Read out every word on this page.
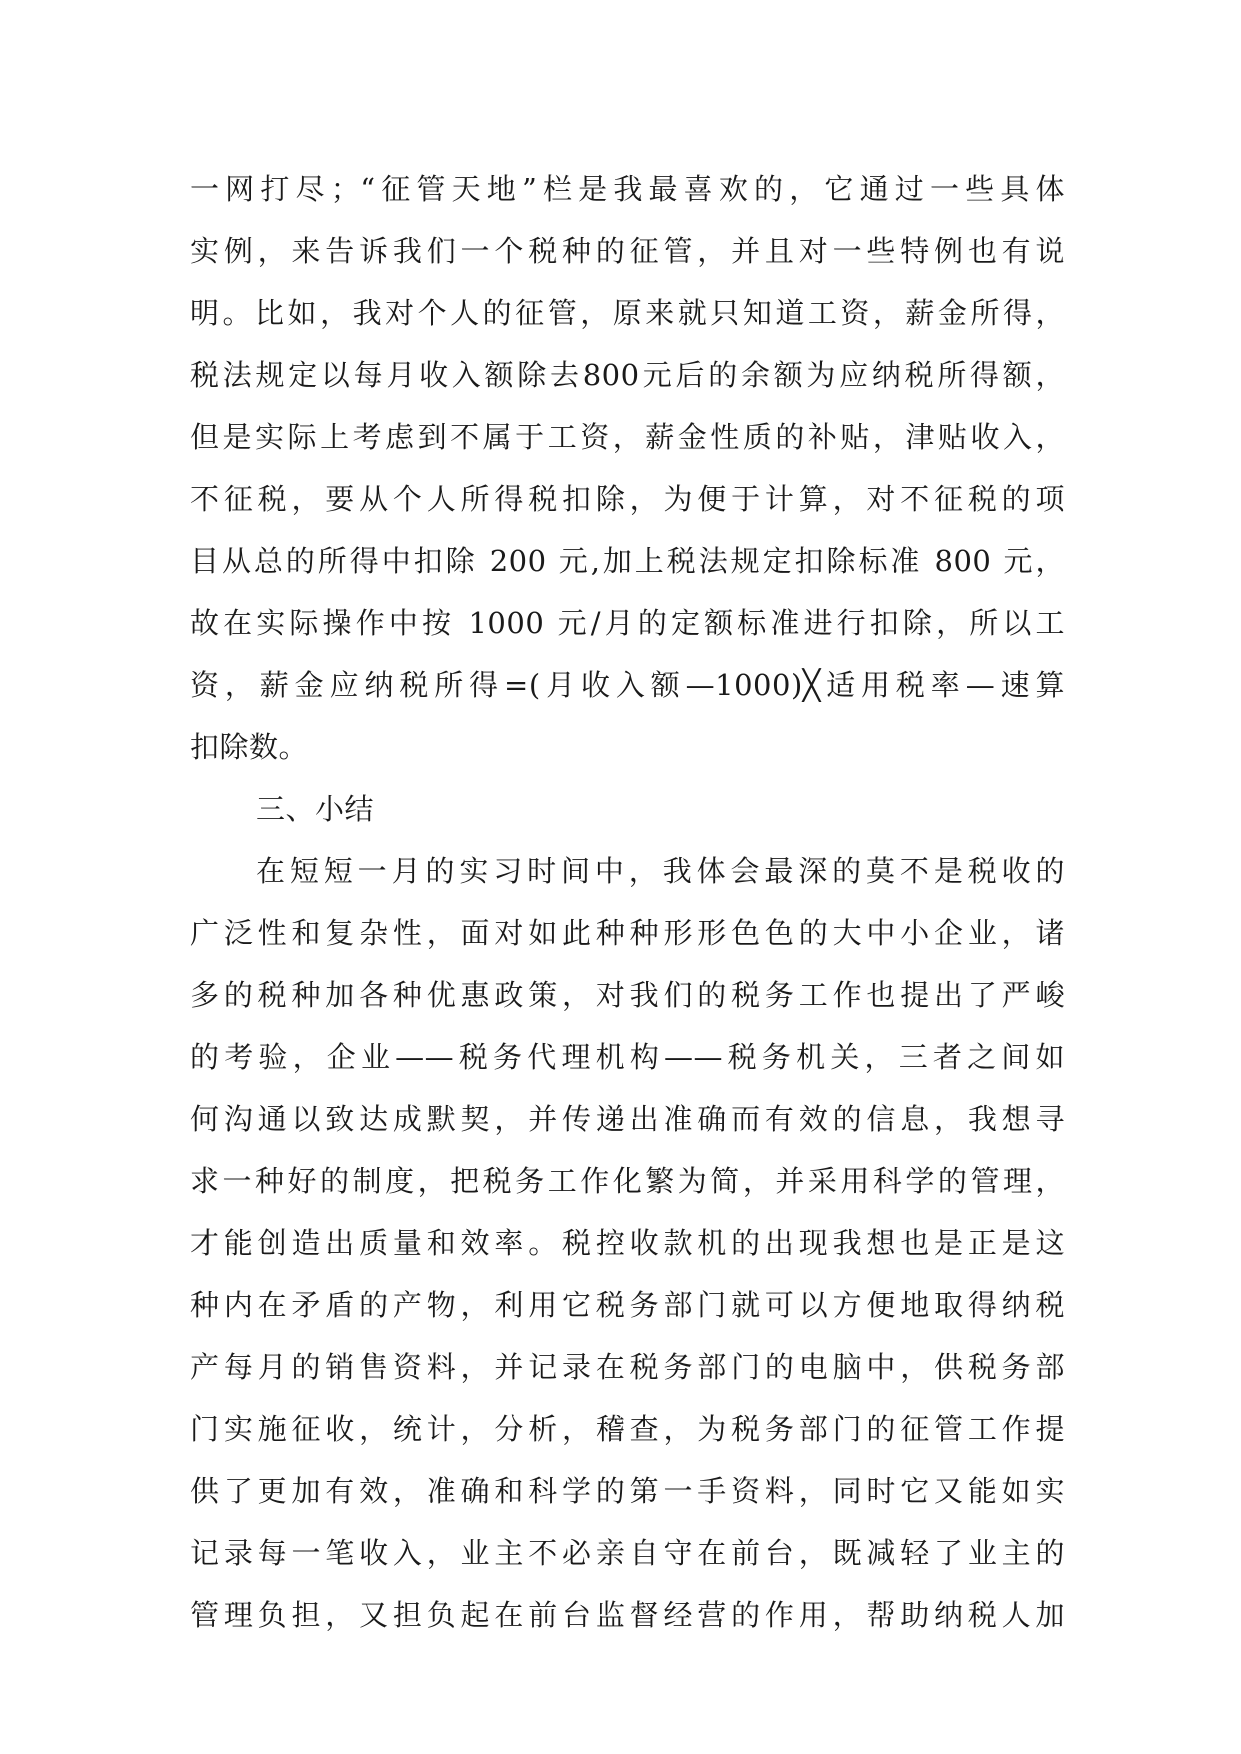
一网打尽；“征管天地”栏是我最喜欢的，它通过一些具体
实例，来告诉我们一个税种的征管，并且对一些特例也有说
明。比如，我对个人的征管，原来就只知道工资，薪金所得，
税法规定以每月收入额除去800元后的余额为应纳税所得额，
但是实际上考虑到不属于工资，薪金性质的补贴，津贴收入，
不征税，要从个人所得税扣除，为便于计算，对不征税的项
目从总的所得中扣除 200 元,加上税法规定扣除标准 800 元，
故在实际操作中按 1000 元/月的定额标准进行扣除，所以工
资，薪金应纳税所得=(月收入额—1000)╳适用税率—速算
扣除数。
三、小结
在短短一月的实习时间中，我体会最深的莫不是税收的
广泛性和复杂性，面对如此种种形形色色的大中小企业，诸
多的税种加各种优惠政策，对我们的税务工作也提出了严峻
的考验，企业——税务代理机构——税务机关，三者之间如
何沟通以致达成默契，并传递出准确而有效的信息，我想寻
求一种好的制度，把税务工作化繁为简，并采用科学的管理，
才能创造出质量和效率。税控收款机的出现我想也是正是这
种内在矛盾的产物，利用它税务部门就可以方便地取得纳税
产每月的销售资料，并记录在税务部门的电脑中，供税务部
门实施征收，统计，分析，稽查，为税务部门的征管工作提
供了更加有效，准确和科学的第一手资料，同时它又能如实
记录每一笔收入，业主不必亲自守在前台，既减轻了业主的
管理负担，又担负起在前台监督经营的作用，帮助纳税人加
